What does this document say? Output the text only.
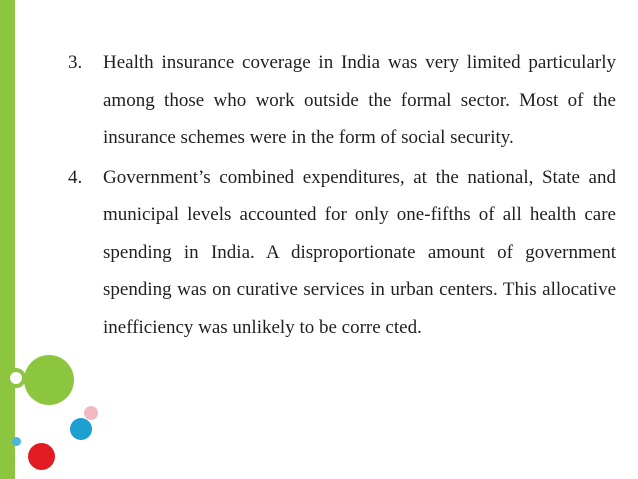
3. Health insurance coverage in India was very limited particularly among those who work outside the formal sector. Most of the insurance schemes were in the form of social security.
4. Government’s combined expenditures, at the national, State and municipal levels accounted for only one-fifths of all health care spending in India. A disproportionate amount of government spending was on curative services in urban centers. This allocative inefficiency was unlikely to be corre cted.
